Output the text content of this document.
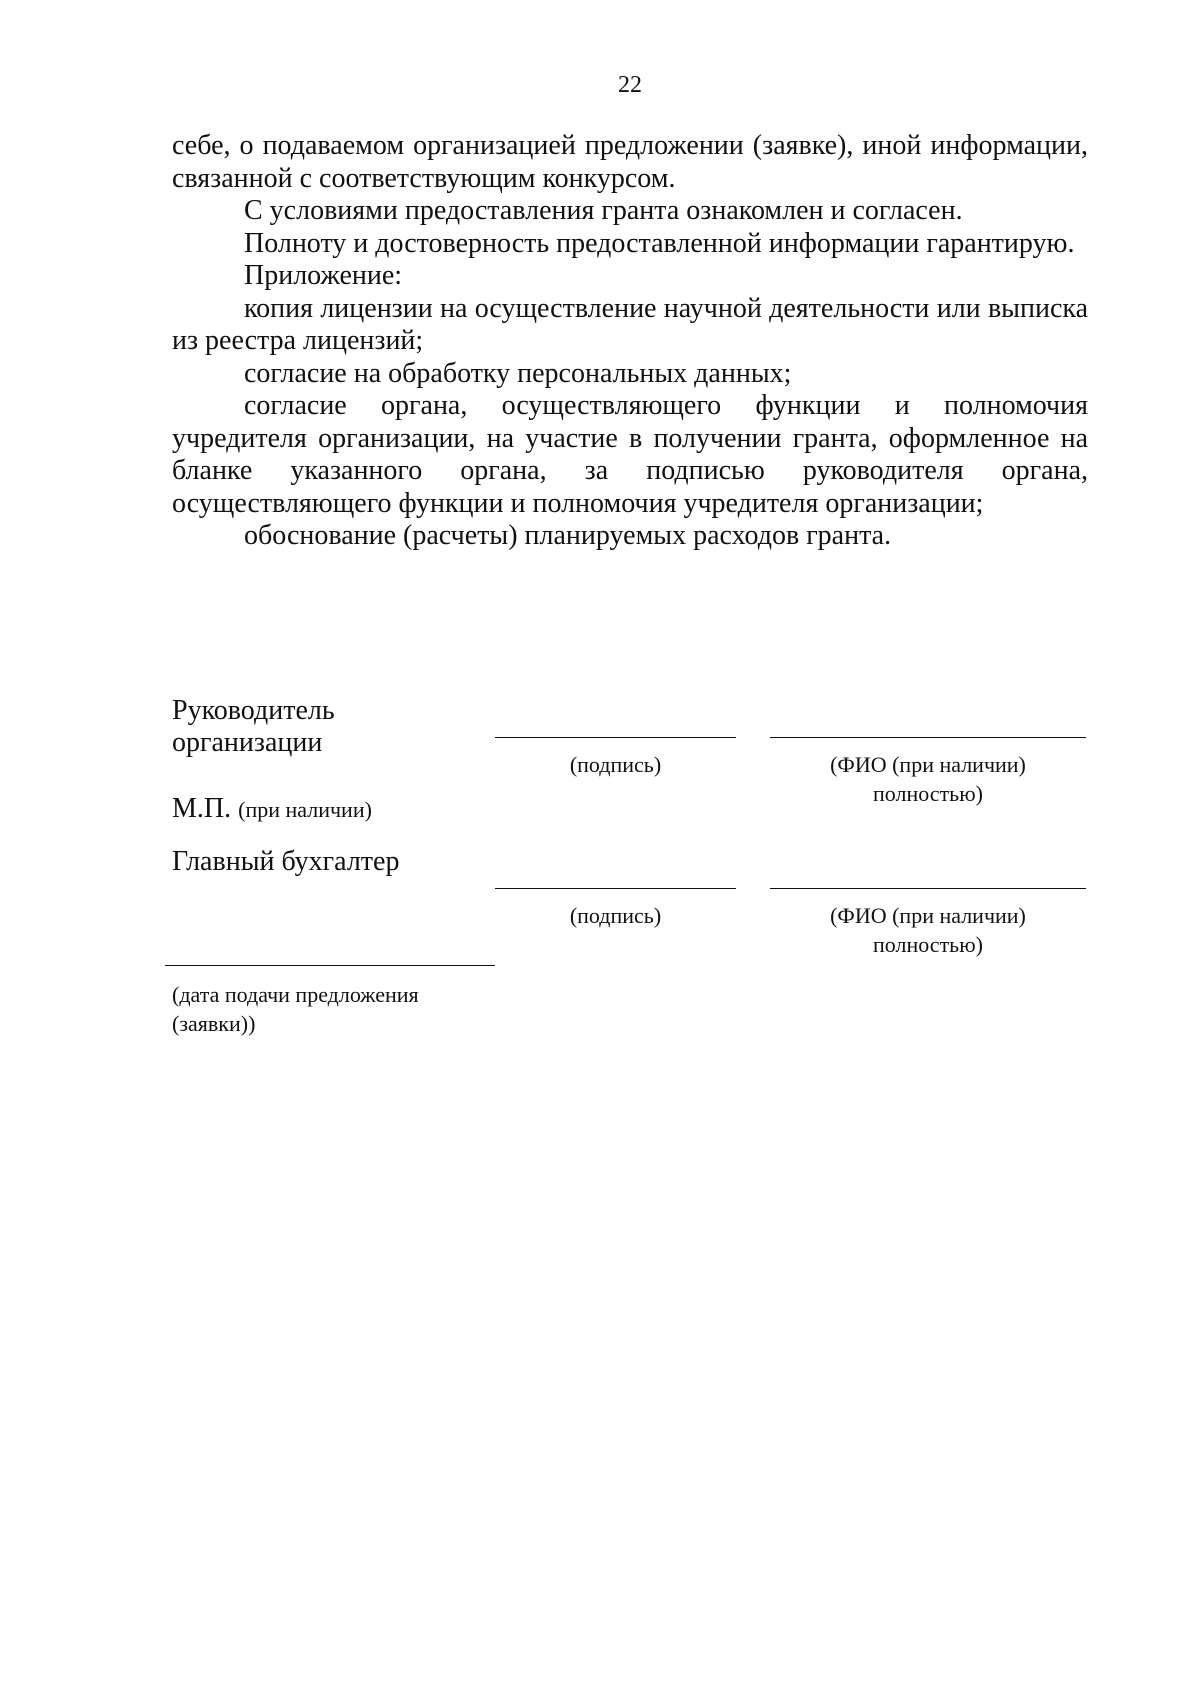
22

себе, о подаваемом организацией предложении (заявке), иной информации, связанной с соответствующим конкурсом.

С условиями предоставления гранта ознакомлен и согласен.

Полноту и достоверность предоставленной информации гарантирую.

Приложение:

копия лицензии на осуществление научной деятельности или выписка из реестра лицензий;

согласие на обработку персональных данных;

согласие органа, осуществляющего функции и полномочия учредителя организации, на участие в получении гранта, оформленное на бланке указанного органа, за подписью руководителя органа, осуществляющего функции и полномочия учредителя организации;

обоснование (расчеты) планируемых расходов гранта.

Руководитель
организации
(подпись)	(ФИО (при наличии)
полностью)
М.П. (при наличии)
Главный бухгалтер
(подпись)	(ФИО (при наличии)
полностью)
(дата подачи предложения
(заявки))
